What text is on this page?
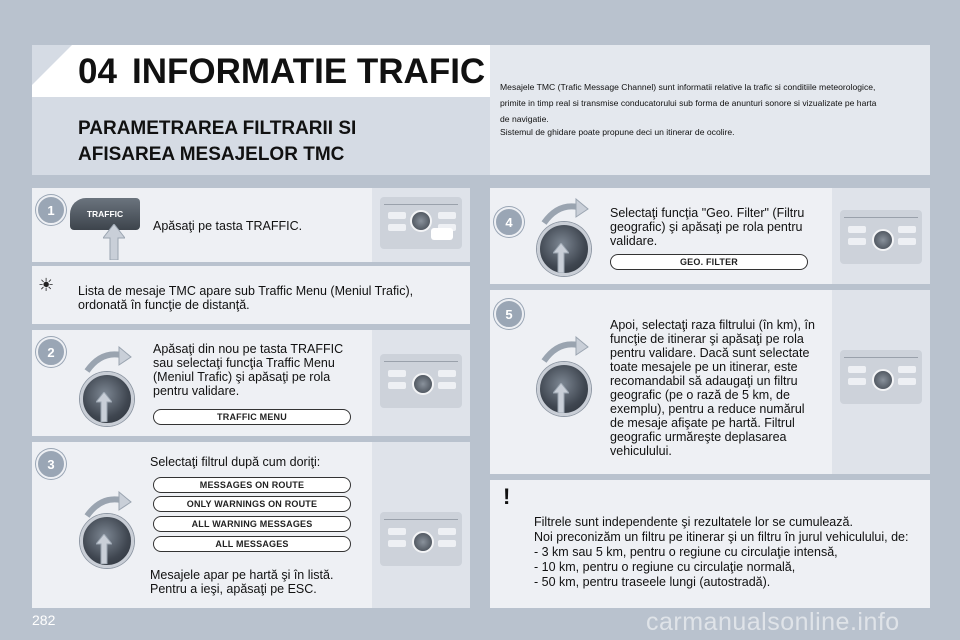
04 INFORMATIE TRAFIC
PARAMETRAREA FILTRARII SI
AFISAREA MESAJELOR TMC
Mesajele TMC (Trafic Message Channel) sunt informatii relative la trafic si conditiile meteorologice,
primite in timp real si transmise conducatorului sub forma de anunturi sonore si vizualizate pe harta
de navigatie.
Sistemul de ghidare poate propune deci un itinerar de ocolire.
1	TRAFFIC
Apăsaţi pe tasta TRAFFIC.
☀ Lista de mesaje TMC apare sub Traffic Menu (Meniul Trafic),
ordonată în funcţie de distanţă.
2	Apăsaţi din nou pe tasta TRAFFIC
sau selectaţi funcţia Traffic Menu
(Meniul Trafic) şi apăsaţi pe rola
pentru validare.
TRAFFIC MENU
3	Selectaţi filtrul după cum doriţi:
MESSAGES ON ROUTE
ONLY WARNINGS ON ROUTE
ALL WARNING MESSAGES
ALL MESSAGES
Mesajele apar pe hartă şi în listă.
Pentru a ieşi, apăsaţi pe ESC.
4
Selectaţi funcţia "Geo. Filter" (Filtru
geografic) şi apăsaţi pe rola pentru
validare.
GEO. FILTER
5
Apoi, selectaţi raza filtrului (în km), în
funcţie de itinerar şi apăsaţi pe rola
pentru validare. Dacă sunt selectate
toate mesajele pe un itinerar, este
recomandabil să adaugaţi un filtru
geografic (pe o rază de 5 km, de
exemplu), pentru a reduce numărul
de mesaje afişate pe hartă. Filtrul
geografic urmăreşte deplasarea
vehiculului.
!
Filtrele sunt independente şi rezultatele lor se cumulează.
Noi preconizăm un filtru pe itinerar şi un filtru în jurul vehiculului, de:
- 3 km sau 5 km, pentru o regiune cu circulaţie intensă,
- 10 km, pentru o regiune cu circulaţie normală,
- 50 km, pentru traseele lungi (autostradă).
282	carmanualsonline.info
